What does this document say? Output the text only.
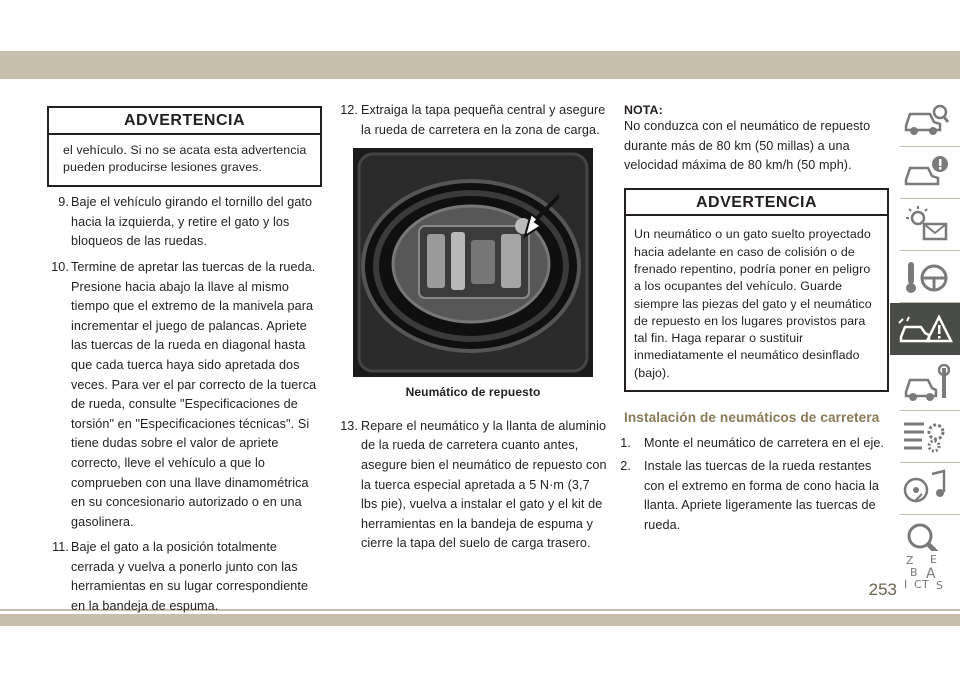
ADVERTENCIA
el vehículo. Si no se acata esta advertencia pueden producirse lesiones graves.
9. Baje el vehículo girando el tornillo del gato hacia la izquierda, y retire el gato y los bloqueos de las ruedas.
10. Termine de apretar las tuercas de la rueda. Presione hacia abajo la llave al mismo tiempo que el extremo de la manivela para incrementar el juego de palancas. Apriete las tuercas de la rueda en diagonal hasta que cada tuerca haya sido apretada dos veces. Para ver el par correcto de la tuerca de rueda, consulte "Especificaciones de torsión" en "Especificaciones técnicas". Si tiene dudas sobre el valor de apriete correcto, lleve el vehículo a que lo comprueben con una llave dinamométrica en su concesionario autorizado o en una gasolinera.
11. Baje el gato a la posición totalmente cerrada y vuelva a ponerlo junto con las herramientas en su lugar correspondiente en la bandeja de espuma.
12. Extraiga la tapa pequeña central y asegure la rueda de carretera en la zona de carga.
Neumático de repuesto
13. Repare el neumático y la llanta de aluminio de la rueda de carretera cuanto antes, asegure bien el neumático de repuesto con la tuerca especial apretada a 5 N·m (3,7 lbs pie), vuelva a instalar el gato y el kit de herramientas en la bandeja de espuma y cierre la tapa del suelo de carga trasero.
NOTA:
No conduzca con el neumático de repuesto durante más de 80 km (50 millas) a una velocidad máxima de 80 km/h (50 mph).
ADVERTENCIA
Un neumático o un gato suelto proyectado hacia adelante en caso de colisión o de frenado repentino, podría poner en peligro a los ocupantes del vehículo. Guarde siempre las piezas del gato y el neumático de repuesto en los lugares provistos para tal fin. Haga reparar o sustituir inmediatamente el neumático desinflado (bajo).
Instalación de neumáticos de carretera
1. Monte el neumático de carretera en el eje.
2. Instale las tuercas de la rueda restantes con el extremo en forma de cono hacia la llanta. Apriete ligeramente las tuercas de rueda.
Z E
B A
I C T S
253
